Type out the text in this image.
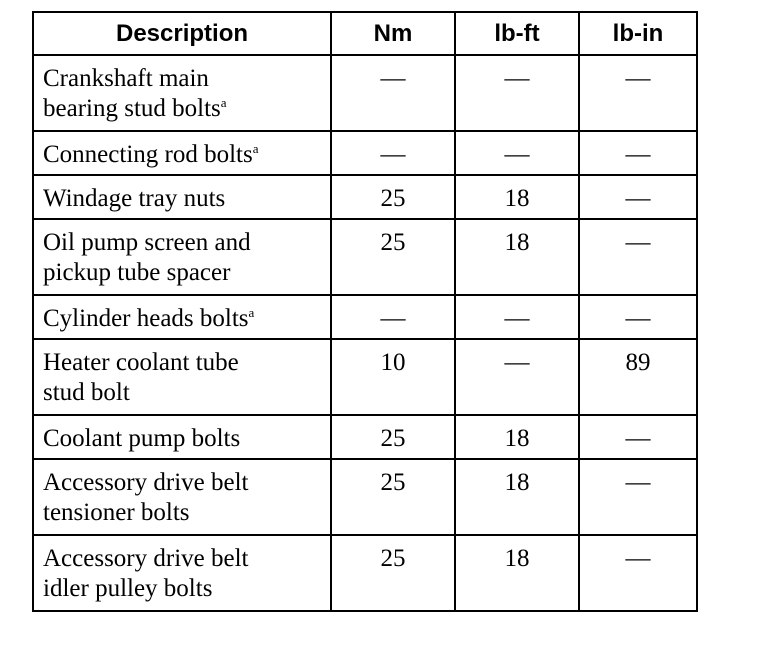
Description	Nm	lb-ft	lb-in
Crankshaft main
bearing stud bolts$^a$	—	—	—
Connecting rod bolts$^a$	—	—	—
Windage tray nuts	25	18	—
Oil pump screen and
pickup tube spacer	25	18	—
Cylinder heads bolts$^a$	—	—	—
Heater coolant tube
stud bolt	10	—	89
Coolant pump bolts	25	18	—
Accessory drive belt
tensioner bolts	25	18	—
Accessory drive belt
idler pulley bolts	25	18	—
